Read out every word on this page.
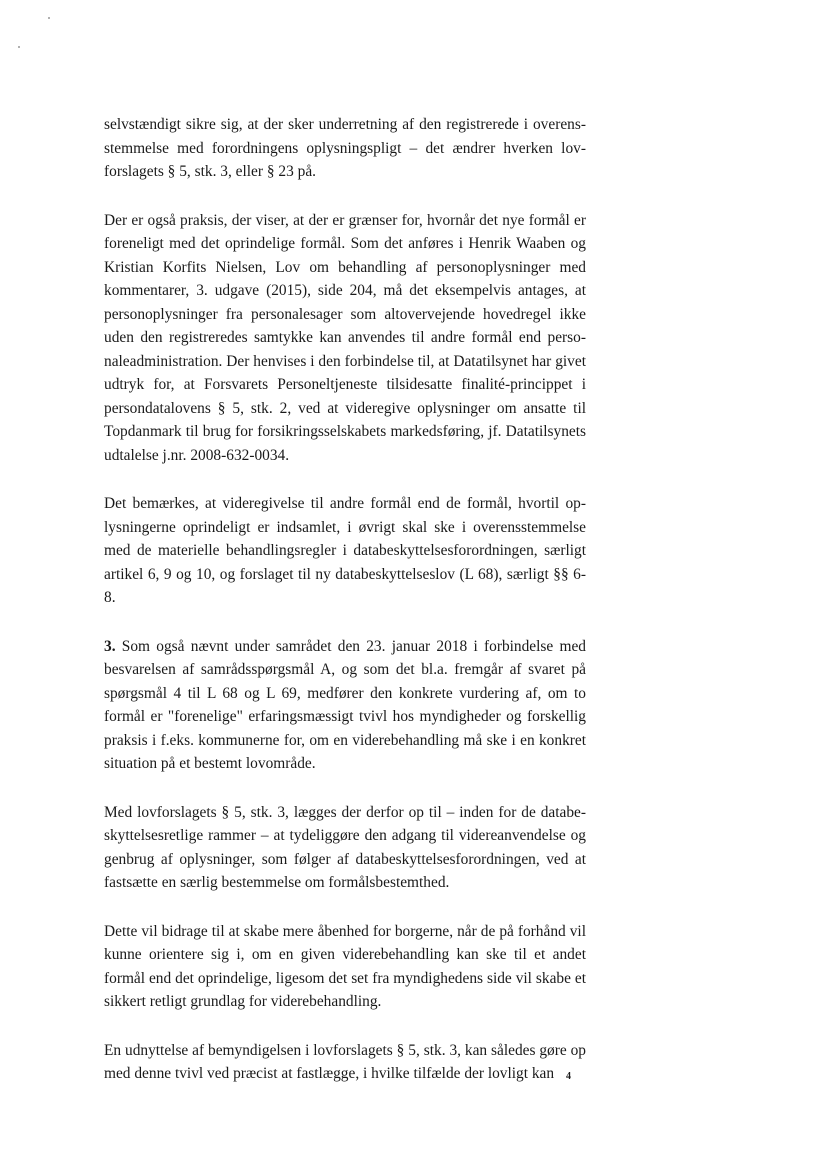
selvstændigt sikre sig, at der sker underretning af den registrerede i overensstemmelse med forordningens oplysningspligt – det ændrer hverken lovforslagets § 5, stk. 3, eller § 23 på.

Der er også praksis, der viser, at der er grænser for, hvornår det nye formål er foreneligt med det oprindelige formål. Som det anføres i Henrik Waaben og Kristian Korfits Nielsen, Lov om behandling af personoplysninger med kommentarer, 3. udgave (2015), side 204, må det eksempelvis antages, at personoplysninger fra personalesager som altovervejende hovedregel ikke uden den registreredes samtykke kan anvendes til andre formål end personaleadministration. Der henvises i den forbindelse til, at Datatilsynet har givet udtryk for, at Forsvarets Personeltjeneste tilsidesatte finalité-princippet i persondatalovens § 5, stk. 2, ved at videregive oplysninger om ansatte til Topdanmark til brug for forsikringsselskabets markedsføring, jf. Datatilsynets udtalelse j.nr. 2008-632-0034.

Det bemærkes, at videregivelse til andre formål end de formål, hvortil oplysningerne oprindeligt er indsamlet, i øvrigt skal ske i overensstemmelse med de materielle behandlingsregler i databeskyttelsesforordningen, særligt artikel 6, 9 og 10, og forslaget til ny databeskyttelseslov (L 68), særligt §§ 6-8.

3. Som også nævnt under samrådet den 23. januar 2018 i forbindelse med besvarelsen af samrådsspørgsmål A, og som det bl.a. fremgår af svaret på spørgsmål 4 til L 68 og L 69, medfører den konkrete vurdering af, om to formål er "forenelige" erfaringsmæssigt tvivl hos myndigheder og forskellig praksis i f.eks. kommunerne for, om en viderebehandling må ske i en konkret situation på et bestemt lovområde.

Med lovforslagets § 5, stk. 3, lægges der derfor op til – inden for de databeskyttelsesretlige rammer – at tydeliggøre den adgang til videreanvendelse og genbrug af oplysninger, som følger af databeskyttelsesforordningen, ved at fastsætte en særlig bestemmelse om formålsbestemthed.

Dette vil bidrage til at skabe mere åbenhed for borgerne, når de på forhånd vil kunne orientere sig i, om en given viderebehandling kan ske til et andet formål end det oprindelige, ligesom det set fra myndighedens side vil skabe et sikkert retligt grundlag for viderebehandling.

En udnyttelse af bemyndigelsen i lovforslagets § 5, stk. 3, kan således gøre op med denne tvivl ved præcist at fastlægge, i hvilke tilfælde der lovligt kan	4
